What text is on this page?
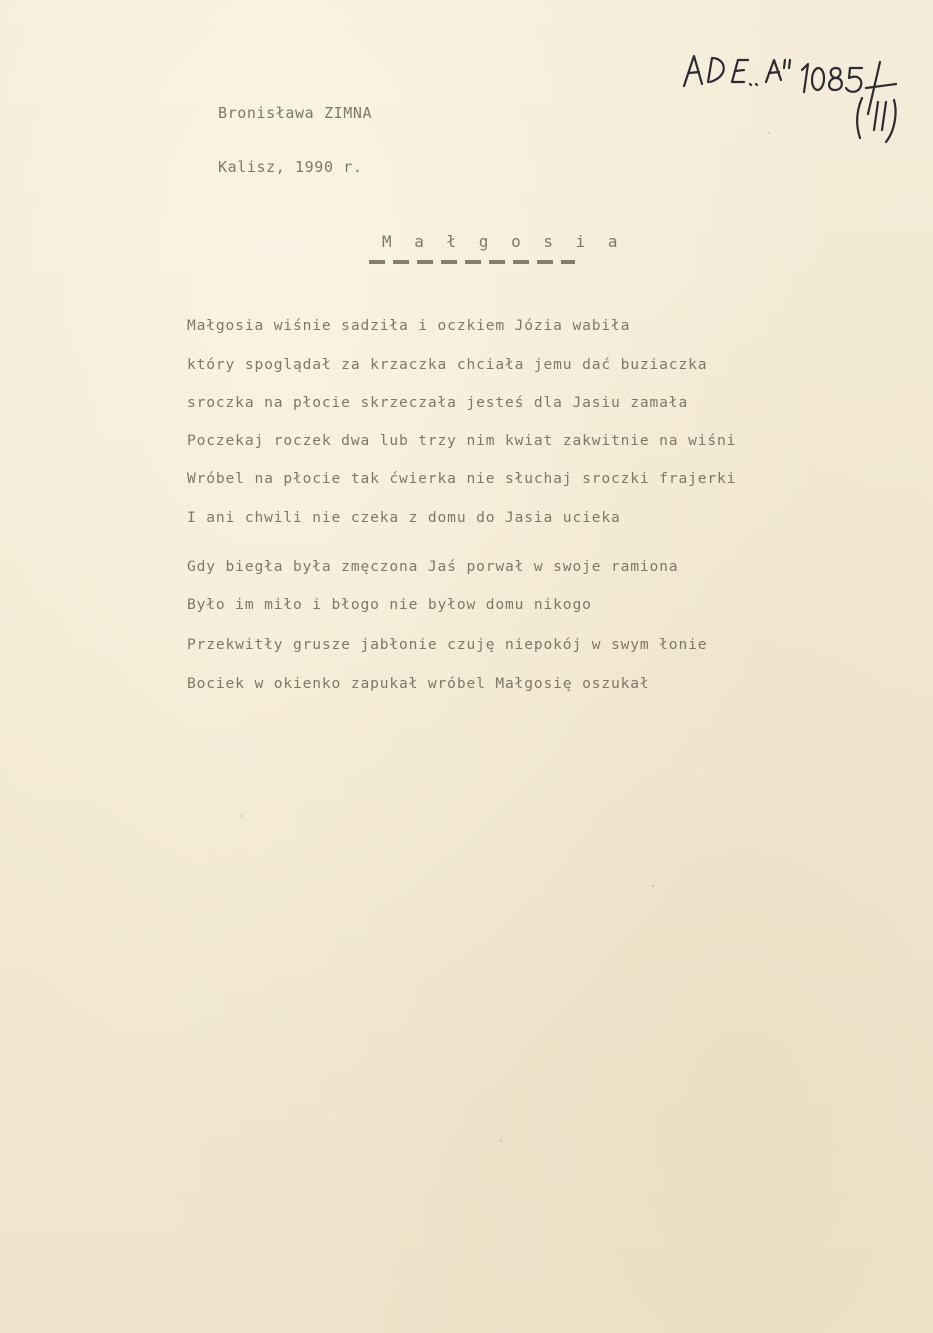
Bronisława ZIMNA
Kalisz, 1990 r.
M a ł g o s i a
Małgosia wiśnie sadziła i oczkiem Józia wabiła
który spoglądał za krzaczka chciała jemu dać buziaczka
sroczka na płocie skrzeczała jesteś dla Jasiu zamała
Poczekaj roczek dwa lub trzy nim kwiat zakwitnie na wiśni
Wróbel na płocie tak ćwierka nie słuchaj sroczki frajerki
I ani chwili nie czeka z domu do Jasia ucieka
Gdy biegła była zmęczona Jaś porwał w swoje ramiona
Było im miło i błogo nie byłow domu nikogo
Przekwitły grusze jabłonie czuję niepokój w swym łonie
Bociek w okienko zapukał wróbel Małgosię oszukał
